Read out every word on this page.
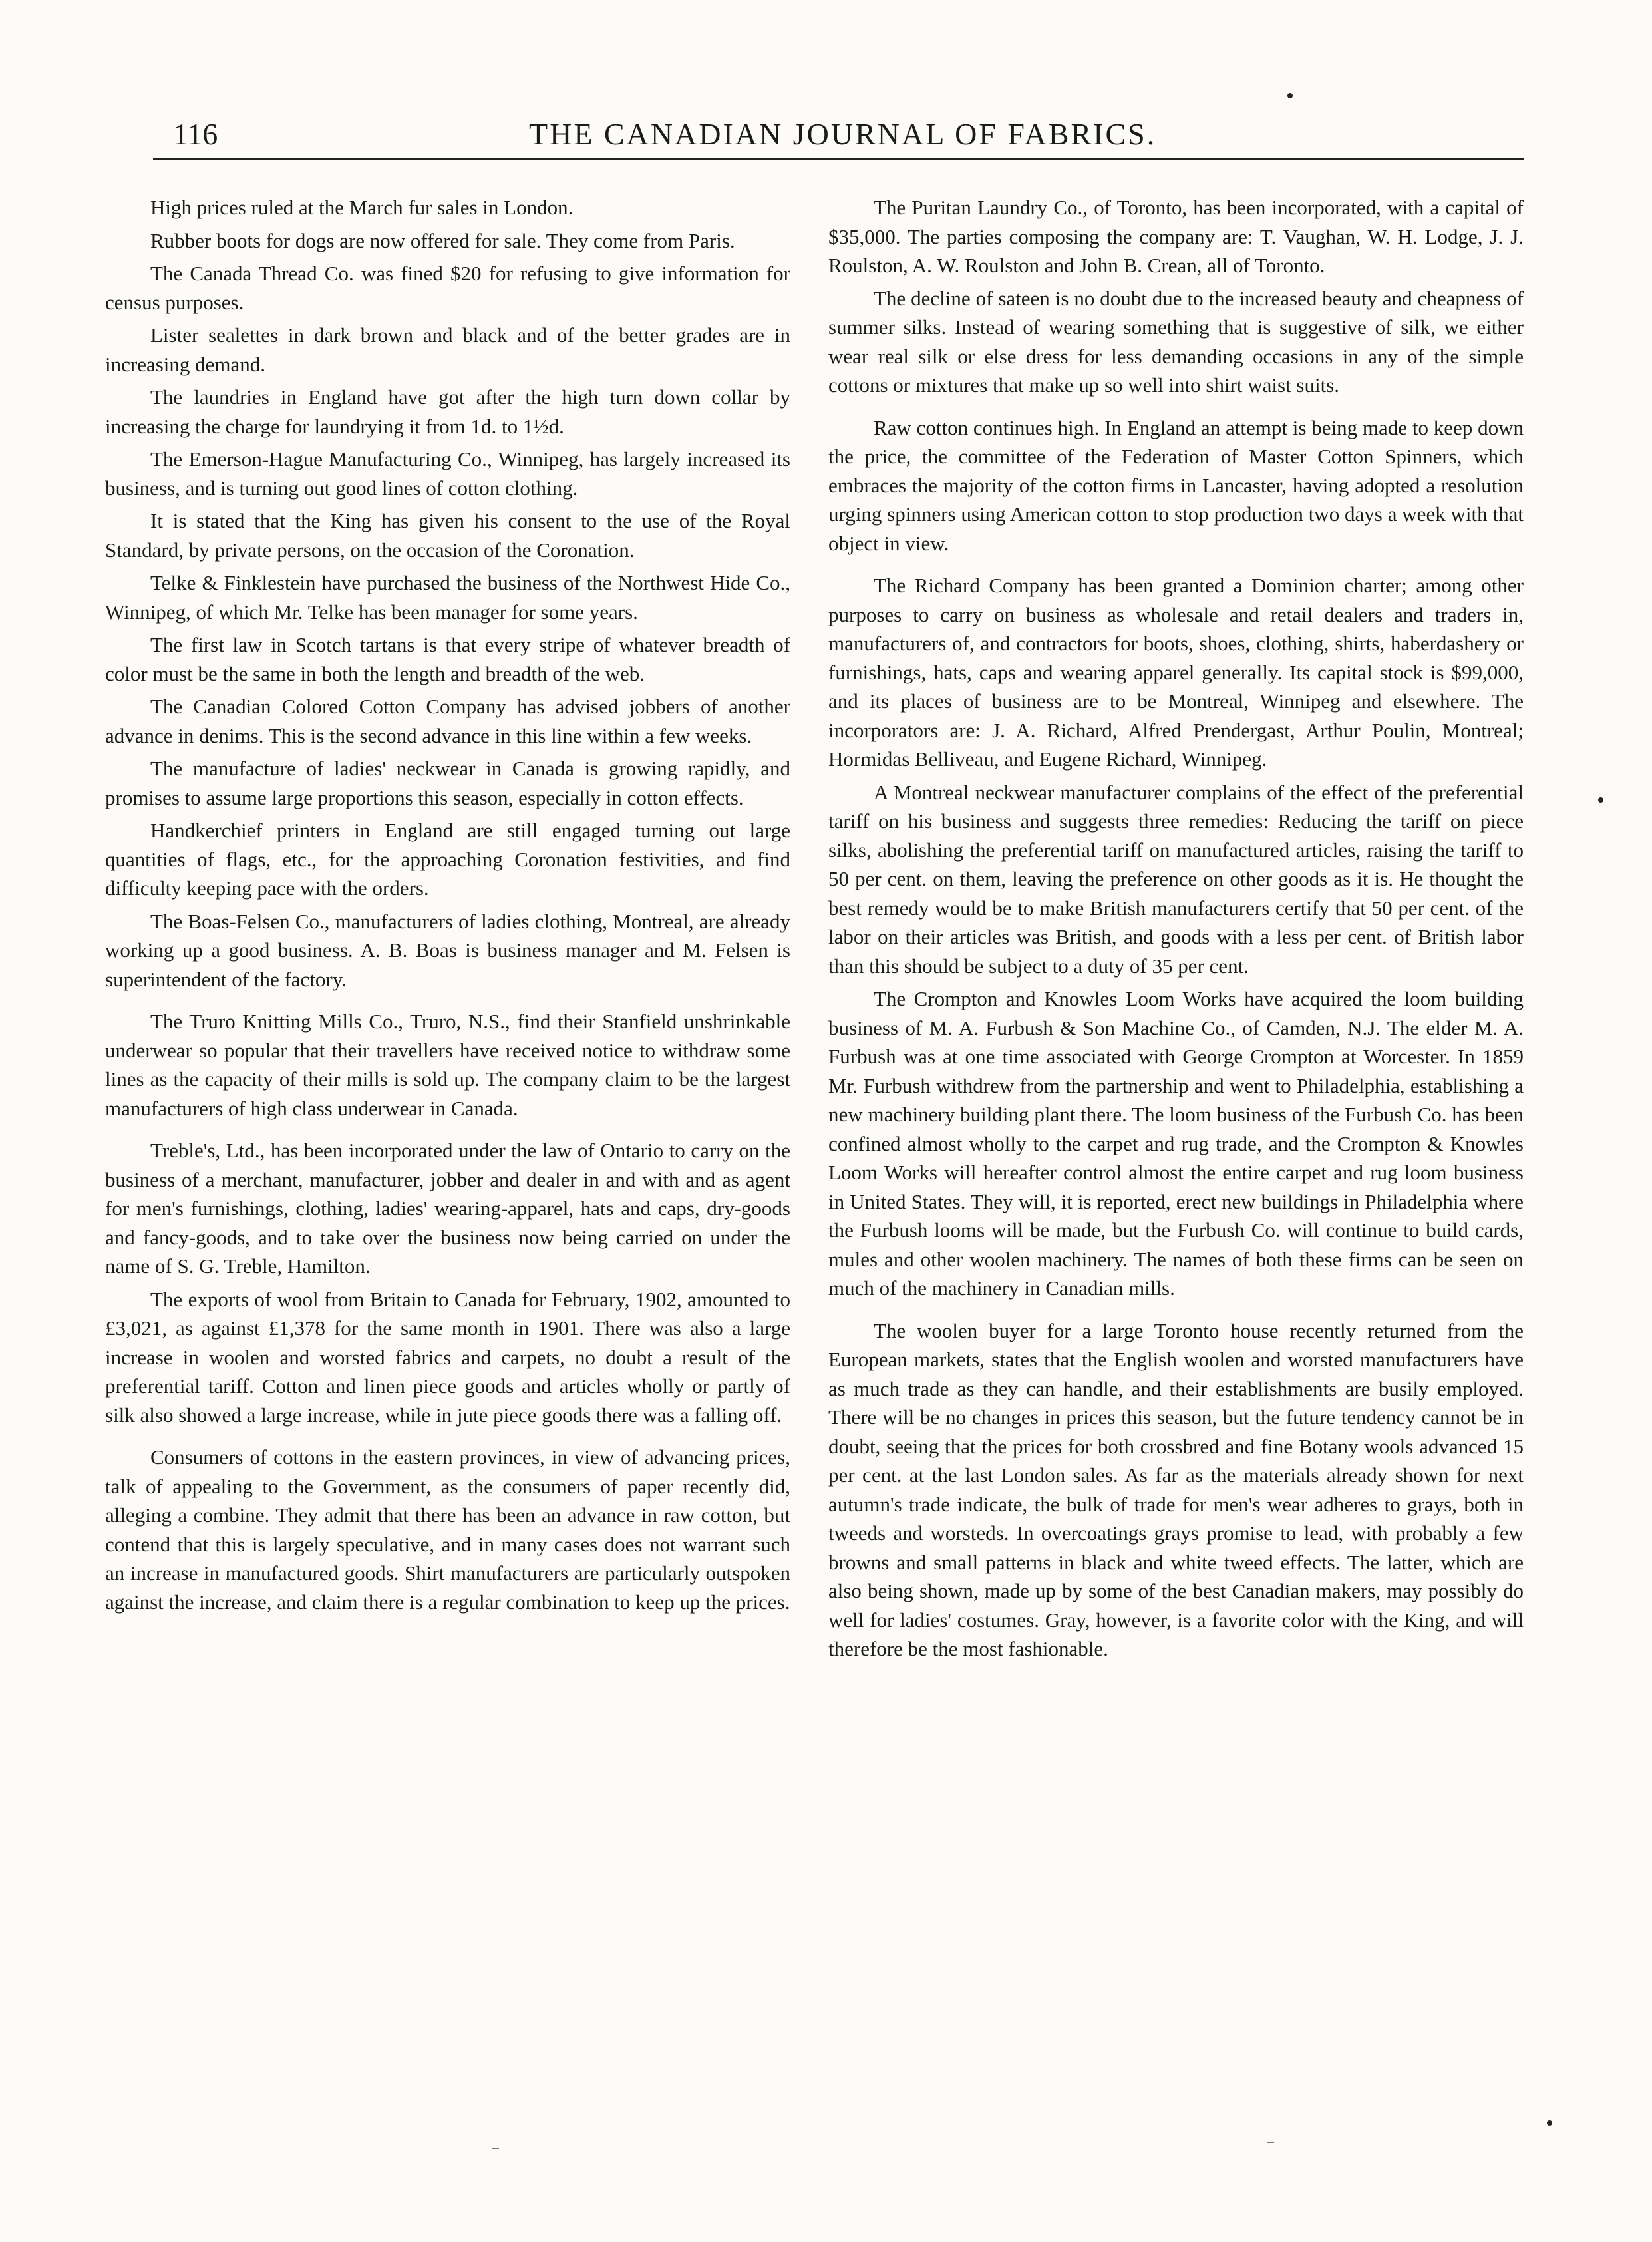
116	THE CANADIAN JOURNAL OF FABRICS.

High prices ruled at the March fur sales in London.

Rubber boots for dogs are now offered for sale. They come from Paris.

The Canada Thread Co. was fined $20 for refusing to give information for census purposes.

Lister sealettes in dark brown and black and of the better grades are in increasing demand.

The laundries in England have got after the high turn down collar by increasing the charge for laundrying it from 1d. to 1½d.

The Emerson-Hague Manufacturing Co., Winnipeg, has largely increased its business, and is turning out good lines of cotton clothing.

It is stated that the King has given his consent to the use of the Royal Standard, by private persons, on the occasion of the Coronation.

Telke & Finklestein have purchased the business of the Northwest Hide Co., Winnipeg, of which Mr. Telke has been manager for some years.

The first law in Scotch tartans is that every stripe of whatever breadth of color must be the same in both the length and breadth of the web.

The Canadian Colored Cotton Company has advised jobbers of another advance in denims. This is the second advance in this line within a few weeks.

The manufacture of ladies' neckwear in Canada is growing rapidly, and promises to assume large proportions this season, especially in cotton effects.

Handkerchief printers in England are still engaged turning out large quantities of flags, etc., for the approaching Coronation festivities, and find difficulty keeping pace with the orders.

The Boas-Felsen Co., manufacturers of ladies clothing, Montreal, are already working up a good business. A. B. Boas is business manager and M. Felsen is superintendent of the factory.

The Truro Knitting Mills Co., Truro, N.S., find their Stanfield unshrinkable underwear so popular that their travellers have received notice to withdraw some lines as the capacity of their mills is sold up. The company claim to be the largest manufacturers of high class underwear in Canada.

Treble's, Ltd., has been incorporated under the law of Ontario to carry on the business of a merchant, manufacturer, jobber and dealer in and with and as agent for men's furnishings, clothing, ladies' wearing-apparel, hats and caps, dry-goods and fancy-goods, and to take over the business now being carried on under the name of S. G. Treble, Hamilton.

The exports of wool from Britain to Canada for February, 1902, amounted to £3,021, as against £1,378 for the same month in 1901. There was also a large increase in woolen and worsted fabrics and carpets, no doubt a result of the preferential tariff. Cotton and linen piece goods and articles wholly or partly of silk also showed a large increase, while in jute piece goods there was a falling off.

Consumers of cottons in the eastern provinces, in view of advancing prices, talk of appealing to the Government, as the consumers of paper recently did, alleging a combine. They admit that there has been an advance in raw cotton, but contend that this is largely speculative, and in many cases does not warrant such an increase in manufactured goods. Shirt manufacturers are particularly outspoken against the increase, and claim there is a regular combination to keep up the prices.

The Puritan Laundry Co., of Toronto, has been incorporated, with a capital of $35,000. The parties composing the company are: T. Vaughan, W. H. Lodge, J. J. Roulston, A. W. Roulston and John B. Crean, all of Toronto.

The decline of sateen is no doubt due to the increased beauty and cheapness of summer silks. Instead of wearing something that is suggestive of silk, we either wear real silk or else dress for less demanding occasions in any of the simple cottons or mixtures that make up so well into shirt waist suits.

Raw cotton continues high. In England an attempt is being made to keep down the price, the committee of the Federation of Master Cotton Spinners, which embraces the majority of the cotton firms in Lancaster, having adopted a resolution urging spinners using American cotton to stop production two days a week with that object in view.

The Richard Company has been granted a Dominion charter; among other purposes to carry on business as wholesale and retail dealers and traders in, manufacturers of, and contractors for boots, shoes, clothing, shirts, haberdashery or furnishings, hats, caps and wearing apparel generally. Its capital stock is $99,000, and its places of business are to be Montreal, Winnipeg and elsewhere. The incorporators are: J. A. Richard, Alfred Prendergast, Arthur Poulin, Montreal; Hormidas Belliveau, and Eugene Richard, Winnipeg.

A Montreal neckwear manufacturer complains of the effect of the preferential tariff on his business and suggests three remedies: Reducing the tariff on piece silks, abolishing the preferential tariff on manufactured articles, raising the tariff to 50 per cent. on them, leaving the preference on other goods as it is. He thought the best remedy would be to make British manufacturers certify that 50 per cent. of the labor on their articles was British, and goods with a less per cent. of British labor than this should be subject to a duty of 35 per cent.

The Crompton and Knowles Loom Works have acquired the loom building business of M. A. Furbush & Son Machine Co., of Camden, N.J. The elder M. A. Furbush was at one time associated with George Crompton at Worcester. In 1859 Mr. Furbush withdrew from the partnership and went to Philadelphia, establishing a new machinery building plant there. The loom business of the Furbush Co. has been confined almost wholly to the carpet and rug trade, and the Crompton & Knowles Loom Works will hereafter control almost the entire carpet and rug loom business in United States. They will, it is reported, erect new buildings in Philadelphia where the Furbush looms will be made, but the Furbush Co. will continue to build cards, mules and other woolen machinery. The names of both these firms can be seen on much of the machinery in Canadian mills.

The woolen buyer for a large Toronto house recently returned from the European markets, states that the English woolen and worsted manufacturers have as much trade as they can handle, and their establishments are busily employed. There will be no changes in prices this season, but the future tendency cannot be in doubt, seeing that the prices for both crossbred and fine Botany wools advanced 15 per cent. at the last London sales. As far as the materials already shown for next autumn's trade indicate, the bulk of trade for men's wear adheres to grays, both in tweeds and worsteds. In overcoatings grays promise to lead, with probably a few browns and small patterns in black and white tweed effects. The latter, which are also being shown, made up by some of the best Canadian makers, may possibly do well for ladies' costumes. Gray, however, is a favorite color with the King, and will therefore be the most fashionable.
